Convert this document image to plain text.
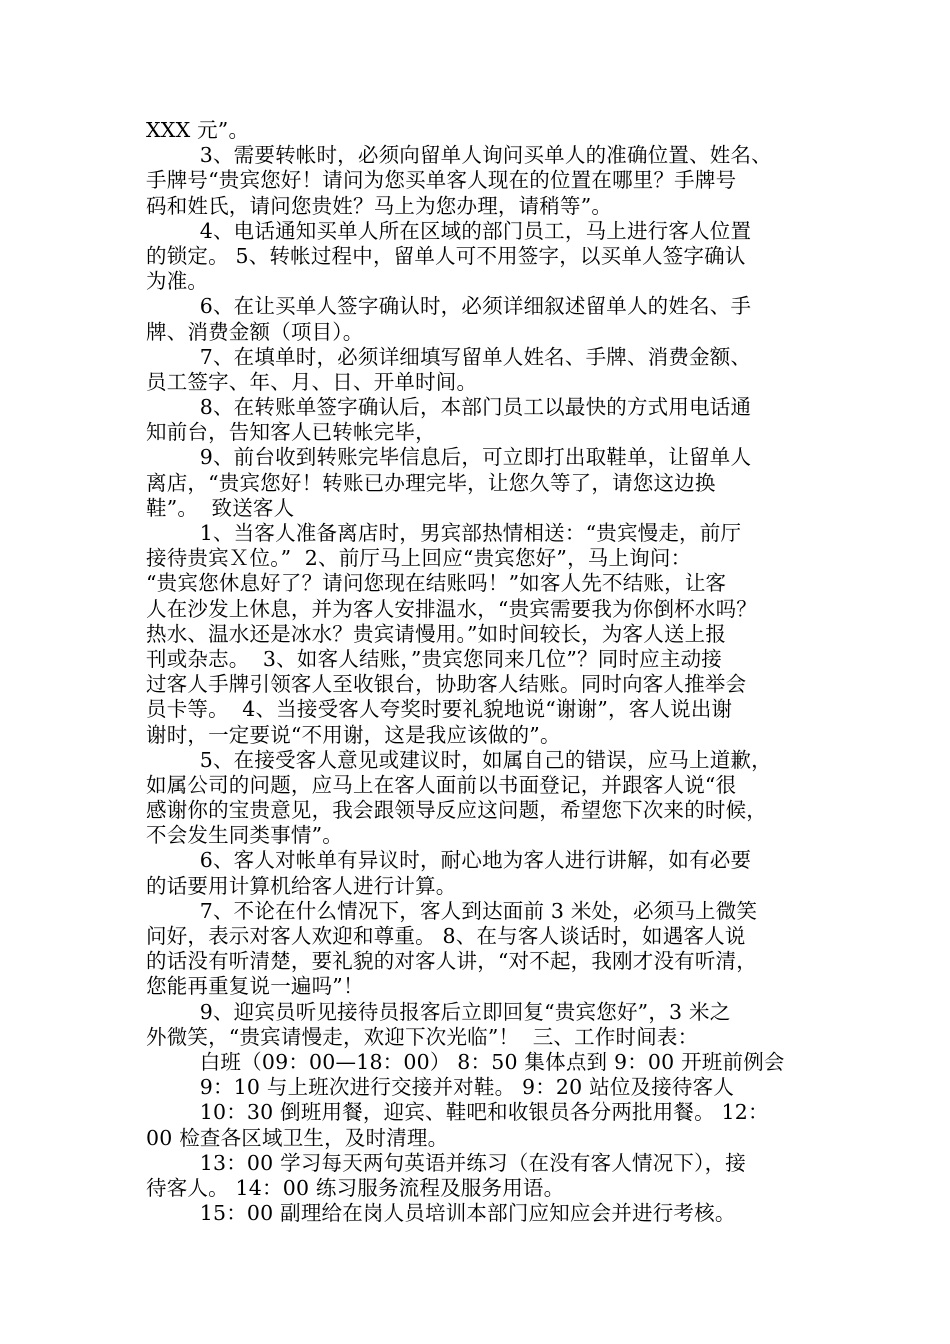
XXX 元”。
3、需要转帐时，必须向留单人询问买单人的准确位置、姓名、
手牌号“贵宾您好！请问为您买单客人现在的位置在哪里？手牌号
码和姓氏，请问您贵姓？马上为您办理，请稍等”。
4、电话通知买单人所在区域的部门员工，马上进行客人位置
的锁定。 5、转帐过程中，留单人可不用签字，以买单人签字确认
为准。
6、在让买单人签字确认时，必须详细叙述留单人的姓名、手
牌、消费金额（项目）。
7、在填单时，必须详细填写留单人姓名、手牌、消费金额、
员工签字、年、月、日、开单时间。
8、在转账单签字确认后，本部门员工以最快的方式用电话通
知前台，告知客人已转帐完毕，
9、前台收到转账完毕信息后，可立即打出取鞋单，让留单人
离店，“贵宾您好！转账已办理完毕，让您久等了，请您这边换
鞋”。  致送客人
1、当客人准备离店时，男宾部热情相送：“贵宾慢走，前厅
接待贵宾Ｘ位。”  2、前厅马上回应“贵宾您好”，马上询问：
“贵宾您休息好了？请问您现在结账吗！”如客人先不结账，让客
人在沙发上休息，并为客人安排温水，“贵宾需要我为你倒杯水吗？
热水、温水还是冰水？贵宾请慢用。”如时间较长，为客人送上报
刊或杂志。  3、如客人结账，”贵宾您同来几位”？同时应主动接
过客人手牌引领客人至收银台，协助客人结账。同时向客人推举会
员卡等。  4、当接受客人夸奖时要礼貌地说“谢谢”，客人说出谢
谢时，一定要说“不用谢，这是我应该做的”。
5、在接受客人意见或建议时，如属自己的错误，应马上道歉，
如属公司的问题，应马上在客人面前以书面登记，并跟客人说“很
感谢你的宝贵意见，我会跟领导反应这问题，希望您下次来的时候，
不会发生同类事情”。
6、客人对帐单有异议时，耐心地为客人进行讲解，如有必要
的话要用计算机给客人进行计算。
7、不论在什么情况下，客人到达面前 3 米处，必须马上微笑
问好，表示对客人欢迎和尊重。 8、在与客人谈话时，如遇客人说
的话没有听清楚，要礼貌的对客人讲，“对不起，我刚才没有听清，
您能再重复说一遍吗”！
9、迎宾员听见接待员报客后立即回复“贵宾您好”，3 米之
外微笑，“贵宾请慢走，欢迎下次光临”！  三、工作时间表：
白班（09：00—18：00） 8：50 集体点到 9：00 开班前例会
9：10 与上班次进行交接并对鞋。 9：20 站位及接待客人
10：30 倒班用餐，迎宾、鞋吧和收银员各分两批用餐。 12：
00 检查各区域卫生，及时清理。
13：00 学习每天两句英语并练习（在没有客人情况下），接
待客人。 14：00 练习服务流程及服务用语。
15：00 副理给在岗人员培训本部门应知应会并进行考核。
